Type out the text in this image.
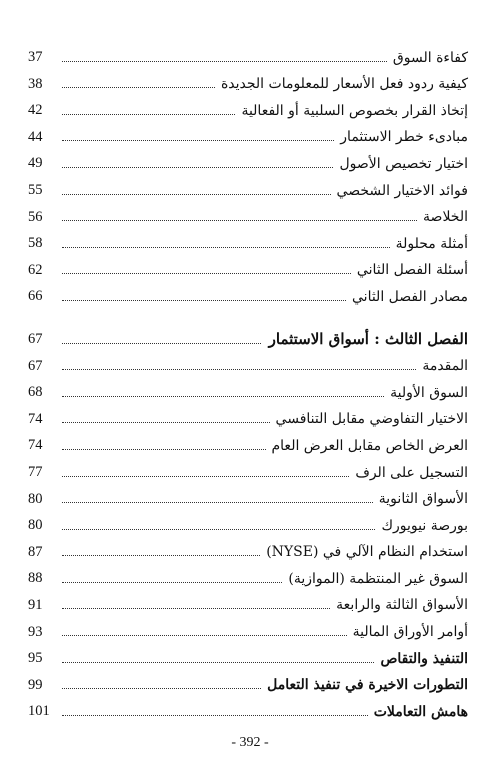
37	كفاءة السوق
38	كيفية ردود فعل الأسعار للمعلومات الجديدة
42	إتخاذ القرار بخصوص السلبية أو الفعالية
44	مبادىء خطر الاستثمار
49	اختيار تخصيص الأصول
55	فوائد الاختيار الشخصي
56	الخلاصة
58	أمثلة محلولة
62	أسئلة الفصل الثاني
66	مصادر الفصل الثاني
67	الفصل الثالث : أسواق الاستثمار
67	المقدمة
68	السوق الأولية
74	الاختيار التفاوضي مقابل التنافسي
74	العرض الخاص مقابل العرض العام
77	التسجيل على الرف
80	الأسواق الثانوية
80	بورصة نيويورك
87	استخدام النظام الآلي في (NYSE)
88	السوق غير المنتظمة (الموازية)
91	الأسواق الثالثة والرابعة
93	أوامر الأوراق المالية
95	التنفيذ والتقاص
99	التطورات الاخيرة في تنفيذ التعامل
101	هامش التعاملات
- 392 -
